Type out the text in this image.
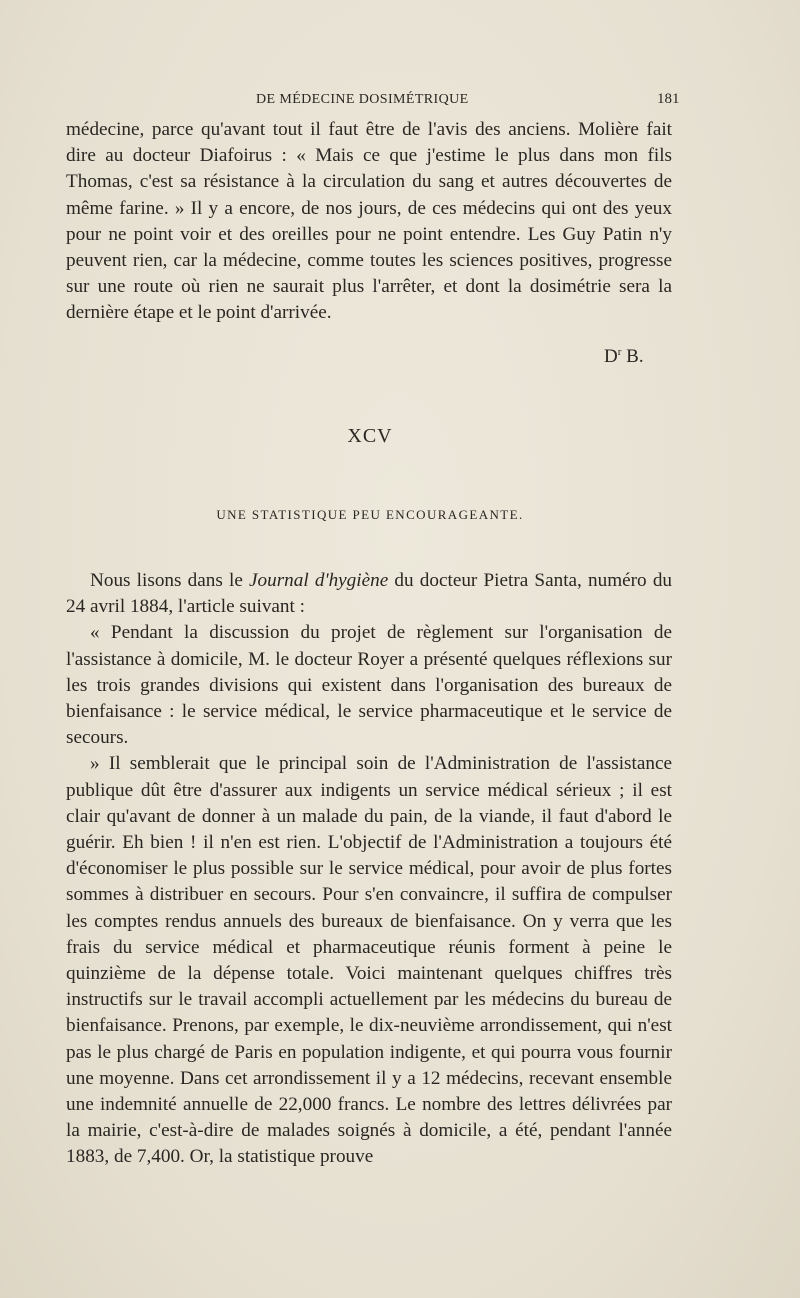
DE MÉDECINE DOSIMÉTRIQUE	181

médecine, parce qu'avant tout il faut être de l'avis des anciens. Molière fait dire au docteur Diafoirus : « Mais ce que j'estime le plus dans mon fils Thomas, c'est sa résistance à la circulation du sang et autres découvertes de même farine. » Il y a encore, de nos jours, de ces médecins qui ont des yeux pour ne point voir et des oreilles pour ne point entendre. Les Guy Patin n'y peuvent rien, car la médecine, comme toutes les sciences positives, progresse sur une route où rien ne saurait plus l'arrêter, et dont la dosimétrie sera la dernière étape et le point d'arrivée.

$D^r$ B.
XCV
UNE STATISTIQUE PEU ENCOURAGEANTE.

Nous lisons dans le Journal d'hygiène du docteur Pietra Santa, numéro du 24 avril 1884, l'article suivant :

« Pendant la discussion du projet de règlement sur l'organisation de l'assistance à domicile, M. le docteur Royer a présenté quelques réflexions sur les trois grandes divisions qui existent dans l'organisation des bureaux de bienfaisance : le service médical, le service pharmaceutique et le service de secours.

» Il semblerait que le principal soin de l'Administration de l'assistance publique dût être d'assurer aux indigents un service médical sérieux ; il est clair qu'avant de donner à un malade du pain, de la viande, il faut d'abord le guérir. Eh bien ! il n'en est rien. L'objectif de l'Administration a toujours été d'économiser le plus possible sur le service médical, pour avoir de plus fortes sommes à distribuer en secours. Pour s'en convaincre, il suffira de compulser les comptes rendus annuels des bureaux de bienfaisance. On y verra que les frais du service médical et pharmaceutique réunis forment à peine le quinzième de la dépense totale. Voici maintenant quelques chiffres très instructifs sur le travail accompli actuellement par les médecins du bureau de bienfaisance. Prenons, par exemple, le dix-neuvième arrondissement, qui n'est pas le plus chargé de Paris en population indigente, et qui pourra vous fournir une moyenne. Dans cet arrondissement il y a 12 médecins, recevant ensemble une indemnité annuelle de 22,000 francs. Le nombre des lettres délivrées par la mairie, c'est-à-dire de malades soignés à domicile, a été, pendant l'année 1883, de 7,400. Or, la statistique prouve
